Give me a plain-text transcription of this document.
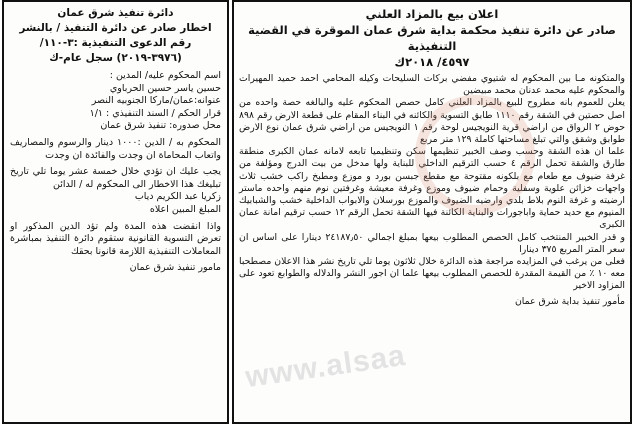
اعلان بيع بالمزاد العلني

صادر عن دائرة تنفيذ محكمة بداية شرق عمان الموقرة في القضية التنفيذية

٤٥٩٧/ ٢٠١٨ك

والمتكونه مـا بين المحكوم له شتيوي مفضي بركات السليحات وكيله المحامي احمد حميد المهيرات والمحكوم عليه محمد عدنان محمد مبيضين

يعلن للعموم بانه مطروح للبيع بالمزاد العلني كامل حصص المحكوم عليه والبالغه حصة واحده من اصل حصتين في الشقة رقم ١١١٠ طابق التسوية والكائنه في البناء المقام على قطعة الارض رقم ٨٩٨ حوض ٢ الرواق من اراضي قرية النويجيس لوحة رقم ١ النويجيس من اراضي شرق عمان نوع الارض طوابق وشقق والتي تبلغ مساحتها كاملة ١٢٩ متر مربع

علما ان هذه الشقة وحسب وصف الخبير تنظيمها سكن وتنظيميا تابعه لامانه عمان الكبرى منطقة طارق والشقة تحمل الرقم ٤ حسب الترقيم الداخلي للبناية ولها مدخل من بيت الدرج ومؤلفة من غرفة ضيوف مع طعام مع بلكونه مقتوحة مع مقطع جبسن بورد و موزع ومطبخ راكب خشب ثلاث واجهات خزائن علوية وسفلية وحمام ضيوف وموزع وغرفة معيشة وغرفتين نوم منهم واحده ماستر ارضيته و غرفة النوم بلاط بلدي وارضيه الضيوف والموزع بورسلان والابواب الداخلية خشب والشبابيك المنيوم مع حديد حماية واباجورات والبناية الكائنة فيها الشقة تحمل الرقم ١٢ حسب ترقيم امانة عمان الكبرى

و قدر الخبير المنتخب كامل الحصص المطلوب بيعها بمبلغ اجمالي ٢٤١٨٧٫٥٠ دينارا على اساس ان سعر المتر المربع ٣٧٥ دينارا

فعلى من يرغب في المزايده مراجعة هذه الدائرة خلال ثلاثون يوما تلي تاريخ نشر هذا الاعلان مصطحبا معه ١٠ ٪ من القيمة المقدرة للحصص المطلوب بيعها علما ان اجور النشر والدلاله والطوابع تعود على المزاود الاخير

مأمور تنفيذ بداية شرق عمان

دائرة تنفيذ شرق عمان

اخطار صادر عن دائرة التنفيذ / بالنشر

رقم الدعوى التنفيذية :٣-١١٠/

(٣٩٧٦-٢٠١٩) سجل عام-ك

اسم المحكوم عليه/ المدين :

حسين ياسر حسين الحرباوي

عنوانه:عمان/ماركا الجنوبيه النصر

قرار الحكم / السند التنفيذي : ١/١

محل صدوره: تنفيذ شرق عمان

المحكوم به / الدين :١٠٠٠ دينار والرسوم والمصاريف واتعاب المحاماة ان وجدت والفائدة ان وجدت

يجب عليك ان تؤدي خلال خمسة عشر يوما تلي تاريخ تبليغك هذا الاخطار الى المحكوم له / الدائن

زكريا عبد الكريم دياب

المبلغ المبين اعلاه

واذا انقضت هذه المدة ولم تؤد الدين المذكور او تعرض التسوية القانونية ستقوم دائرة التنفيذ بمباشرة المعاملات التنفيذية اللازمة قانونا بحقك

مامور تنفيذ شرق عمان

www.alsaa
